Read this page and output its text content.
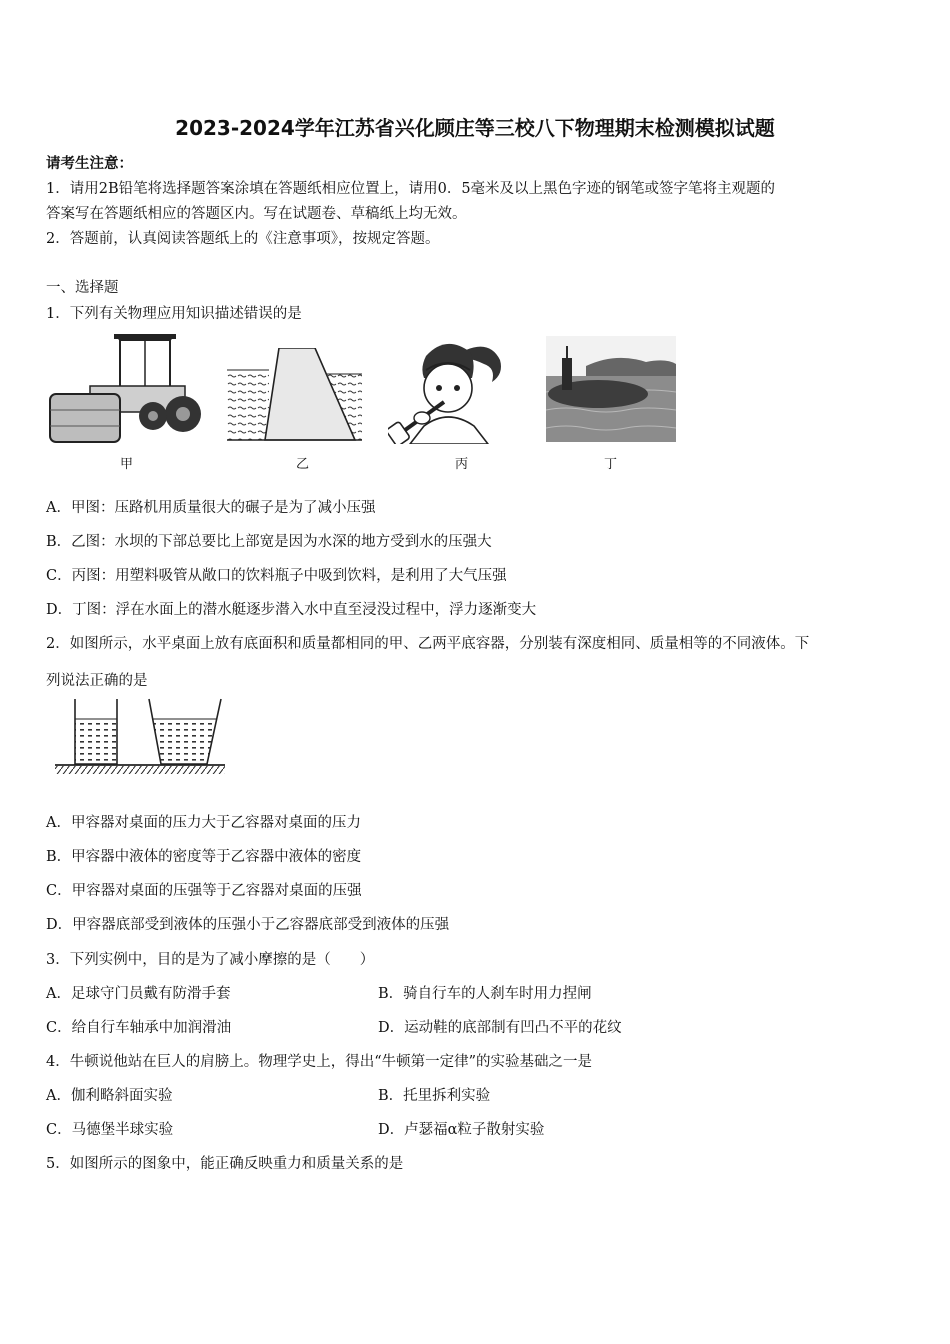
2023-2024学年江苏省兴化顾庄等三校八下物理期末检测模拟试题
请考生注意：
1．请用2B铅笔将选择题答案涂填在答题纸相应位置上，请用0．5毫米及以上黑色字迹的钢笔或签字笔将主观题的
答案写在答题纸相应的答题区内。写在试题卷、草稿纸上均无效。
2．答题前，认真阅读答题纸上的《注意事项》，按规定答题。
一、选择题
1．下列有关物理应用知识描述错误的是
甲	乙	丙	丁
A．甲图：压路机用质量很大的碾子是为了减小压强
B．乙图：水坝的下部总要比上部宽是因为水深的地方受到水的压强大
C．丙图：用塑料吸管从敞口的饮料瓶子中吸到饮料，是利用了大气压强
D．丁图：浮在水面上的潜水艇逐步潜入水中直至浸没过程中，浮力逐渐变大
2．如图所示，水平桌面上放有底面积和质量都相同的甲、乙两平底容器，分别装有深度相同、质量相等的不同液体。下
列说法正确的是
A．甲容器对桌面的压力大于乙容器对桌面的压力
B．甲容器中液体的密度等于乙容器中液体的密度
C．甲容器对桌面的压强等于乙容器对桌面的压强
D．甲容器底部受到液体的压强小于乙容器底部受到液体的压强
3．下列实例中，目的是为了减小摩擦的是（　　）
A．足球守门员戴有防滑手套	B．骑自行车的人刹车时用力捏闸
C．给自行车轴承中加润滑油	D．运动鞋的底部制有凹凸不平的花纹
4．牛顿说他站在巨人的肩膀上。物理学史上，得出“牛顿第一定律”的实验基础之一是
A．伽利略斜面实验	B．托里拆利实验
C．马德堡半球实验	D．卢瑟福α粒子散射实验
5．如图所示的图象中，能正确反映重力和质量关系的是
